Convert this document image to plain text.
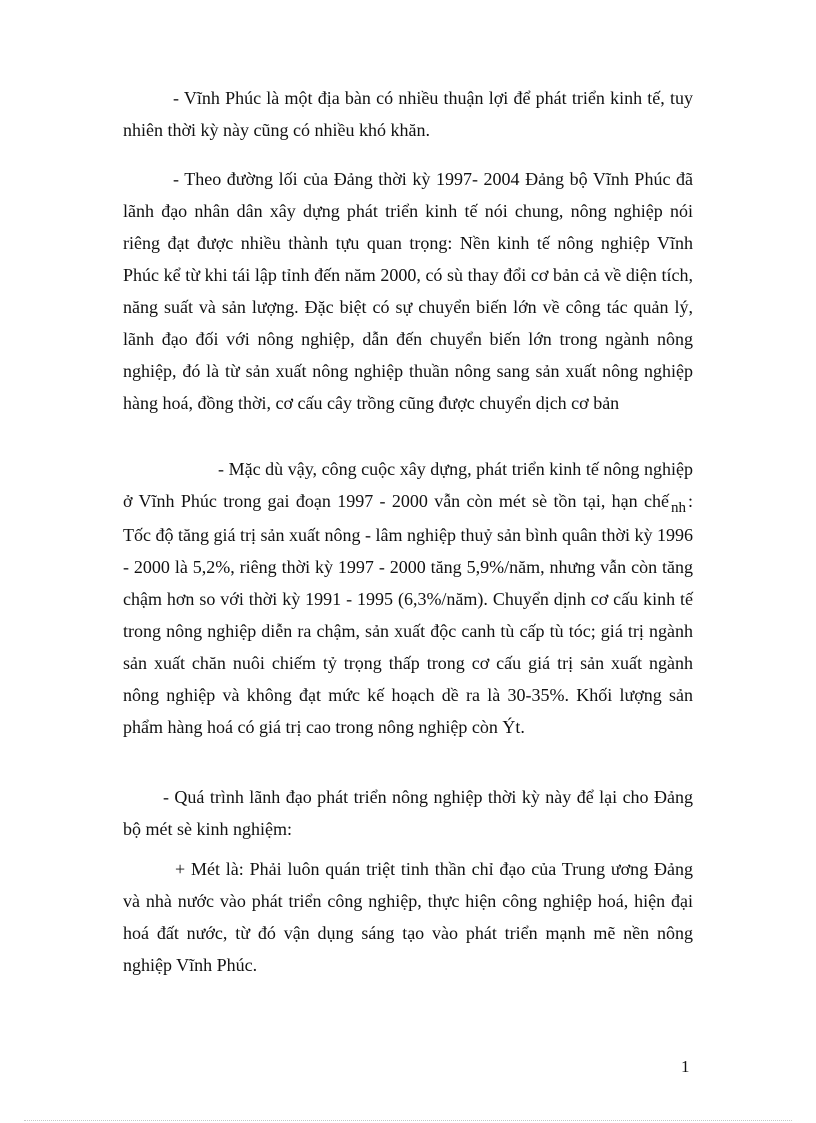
- Vĩnh Phúc là một địa bàn có nhiều thuận lợi để phát triển kinh tế, tuy nhiên thời kỳ này cũng có nhiều khó khăn.

- Theo đường lối của Đảng thời kỳ 1997- 2004 Đảng bộ Vĩnh Phúc đã lãnh đạo nhân dân xây dựng phát triển kinh tế nói chung, nông nghiệp nói riêng đạt được nhiều thành tựu quan trọng: Nền kinh tế nông nghiệp Vĩnh Phúc kể từ khi tái lập tỉnh đến năm 2000, có sù thay đổi cơ bản cả về diện tích, năng suất và sản lượng. Đặc biệt có sự chuyển biến lớn về công tác quản lý, lãnh đạo đối với nông nghiệp, dẫn đến chuyển biến lớn trong ngành nông nghiệp, đó là từ sản xuất nông nghiệp thuần nông sang sản xuất nông nghiệp hàng hoá, đồng thời, cơ cấu cây trồng cũng được chuyển dịch cơ bản

- Mặc dù vậy, công cuộc xây dựng, phát triển kinh tế nông nghiệp ở Vĩnh Phúc trong gai đoạn 1997 - 2000 vẫn còn mét sè tồn tại, hạn chế $_{nh}$ : Tốc độ tăng giá trị sản xuất nông - lâm nghiệp thuỷ sản bình quân thời kỳ 1996 - 2000 là 5,2%, riêng thời kỳ 1997 - 2000 tăng 5,9%/năm, nhưng vẫn còn tăng chậm hơn so với thời kỳ 1991 - 1995 (6,3%/năm). Chuyển dịnh cơ cấu kinh tế trong nông nghiệp diễn ra chậm, sản xuất độc canh tù cấp tù tóc; giá trị ngành sản xuất chăn nuôi chiếm tỷ trọng thấp trong cơ cấu giá trị sản xuất ngành nông nghiệp và không đạt mức kế hoạch dề ra là 30-35%. Khối lượng sản phẩm hàng hoá có giá trị cao trong nông nghiệp còn Ýt.

- Quá trình lãnh đạo phát triển nông nghiệp thời kỳ này để lại cho Đảng bộ mét sè kinh nghiệm:

+ Mét là: Phải luôn quán triệt tinh thần chỉ đạo của Trung ương Đảng và nhà nước vào phát triển công nghiệp, thực hiện công nghiệp hoá, hiện đại hoá đất nước, từ đó vận dụng sáng tạo vào phát triển mạnh mẽ nền nông nghiệp Vĩnh Phúc.

1
